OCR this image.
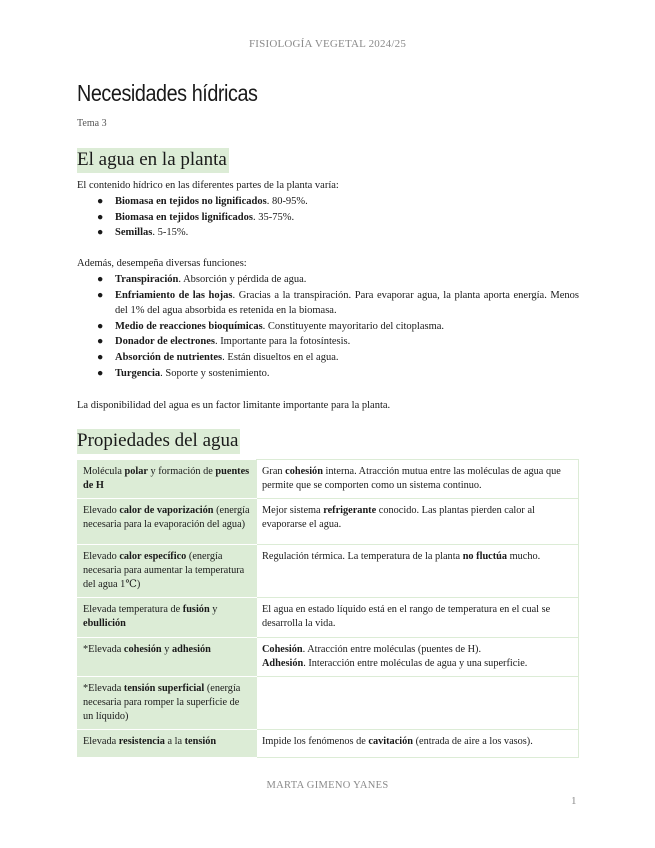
FISIOLOGÍA VEGETAL 2024/25
Necesidades hídricas
Tema 3
El agua en la planta
El contenido hídrico en las diferentes partes de la planta varía:
● Biomasa en tejidos no lignificados. 80-95%.
● Biomasa en tejidos lignificados. 35-75%.
● Semillas. 5-15%.
Además, desempeña diversas funciones:
● Transpiración. Absorción y pérdida de agua.
● Enfriamiento de las hojas. Gracias a la transpiración. Para evaporar agua, la planta aporta energía. Menos del 1% del agua absorbida es retenida en la biomasa.
● Medio de reacciones bioquímicas. Constituyente mayoritario del citoplasma.
● Donador de electrones. Importante para la fotosíntesis.
● Absorción de nutrientes. Están disueltos en el agua.
● Turgencia. Soporte y sostenimiento.
La disponibilidad del agua es un factor limitante importante para la planta.
Propiedades del agua
Molécula polar y formación de puentes de H	Gran cohesión interna. Atracción mutua entre las moléculas de agua que permite que se comporten como un sistema continuo.
Elevado calor de vaporización (energía necesaria para la evaporación del agua)	Mejor sistema refrigerante conocido. Las plantas pierden calor al evaporarse el agua.
Elevado calor específico (energía necesaria para aumentar la temperatura del agua 1℃)	Regulación térmica. La temperatura de la planta no fluctúa mucho.
Elevada temperatura de fusión y ebullición	El agua en estado líquido está en el rango de temperatura en el cual se desarrolla la vida.
*Elevada cohesión y adhesión	Cohesión. Atracción entre moléculas (puentes de H).
Adhesión. Interacción entre moléculas de agua y una superficie.
*Elevada tensión superficial (energía necesaria para romper la superficie de un líquido)	
Elevada resistencia a la tensión	Impide los fenómenos de cavitación (entrada de aire a los vasos).
MARTA GIMENO YANES
1
